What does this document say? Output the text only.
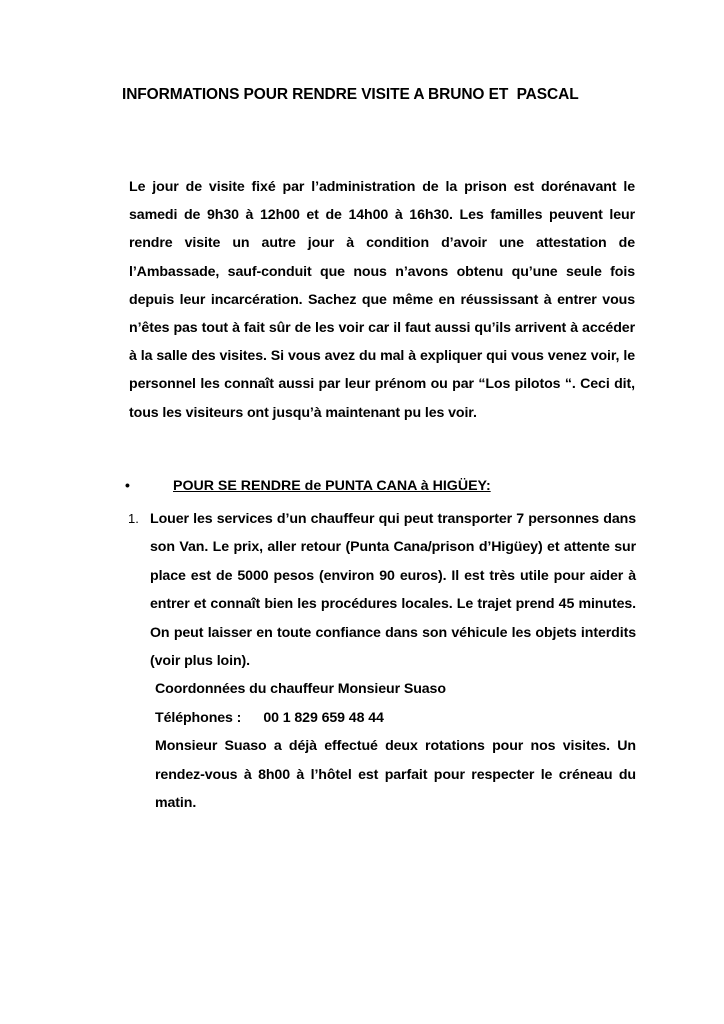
INFORMATIONS POUR RENDRE VISITE A BRUNO ET  PASCAL
Le jour de visite fixé par l’administration de la prison est dorénavant le samedi de 9h30 à 12h00 et de 14h00 à 16h30. Les familles peuvent leur rendre visite un autre jour à condition d’avoir une attestation de l’Ambassade, sauf-conduit que nous n’avons obtenu qu’une seule fois depuis leur incarcération. Sachez que même en réussissant à entrer vous n’êtes pas tout à fait sûr de les voir car il faut aussi qu’ils arrivent à accéder à la salle des visites. Si vous avez du mal à expliquer qui vous venez voir, le personnel les connaît aussi par leur prénom ou par “Los pilotos “. Ceci dit, tous les visiteurs ont jusqu’à maintenant pu les voir.
•	POUR SE RENDRE de PUNTA CANA à HIGÜEY:
1. Louer les services d’un chauffeur qui peut transporter 7 personnes dans son Van. Le prix, aller retour (Punta Cana/prison d’Higüey) et attente sur place est de 5000 pesos (environ 90 euros). Il est très utile pour aider à entrer et connaît bien les procédures locales. Le trajet prend 45 minutes. On peut laisser en toute confiance dans son véhicule les objets interdits (voir plus loin).

Coordonnées du chauffeur Monsieur Suaso

Téléphones : 00 1 829 659 48 44

Monsieur Suaso a déjà effectué deux rotations pour nos visites. Un rendez-vous à 8h00 à l’hôtel est parfait pour respecter le créneau du matin.
